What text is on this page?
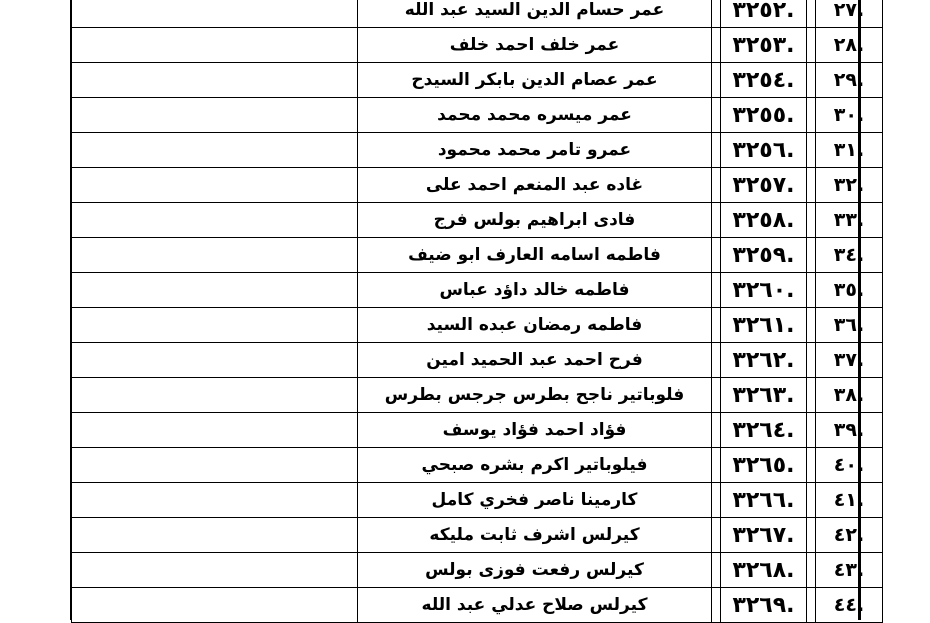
.٢٧		.٣٢٥٢		عمر حسام الدين السيد عبد الله	
.٢٨		.٣٢٥٣		عمر خلف احمد خلف	
.٢٩		.٣٢٥٤		عمر عصام الدين بابكر السيدح	
.٣٠		.٣٢٥٥		عمر ميسره محمد محمد	
.٣١		.٣٢٥٦		عمرو تامر محمد محمود	
.٣٢		.٣٢٥٧		غاده عبد المنعم احمد على	
.٣٣		.٣٢٥٨		فادى ابراهيم بولس فرج	
.٣٤		.٣٢٥٩		فاطمه اسامه العارف ابو ضيف	
.٣٥		.٣٢٦٠		فاطمه خالد داؤد عباس	
.٣٦		.٣٢٦١		فاطمه رمضان عبده السيد	
.٣٧		.٣٢٦٢		فرح احمد عبد الحميد امين	
.٣٨		.٣٢٦٣		فلوباتير ناجح بطرس جرجس بطرس	
.٣٩		.٣٢٦٤		فؤاد احمد فؤاد يوسف	
.٤٠		.٣٢٦٥		فيلوباتير اكرم بشره صبحي	
.٤١		.٣٢٦٦		كارمينا ناصر فخري كامل	
.٤٢		.٣٢٦٧		كيرلس اشرف ثابت مليكه	
.٤٣		.٣٢٦٨		كيرلس رفعت فوزى بولس	
.٤٤		.٣٢٦٩		كيرلس صلاح عدلي عبد الله	
